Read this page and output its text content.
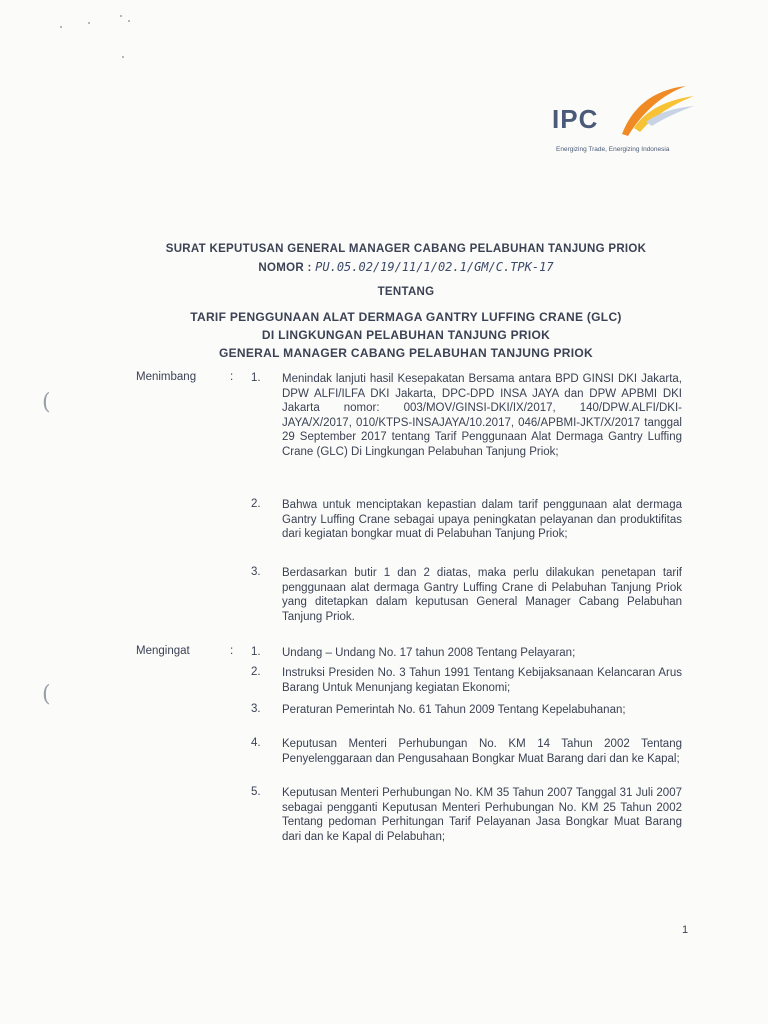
IPC
Energizing Trade, Energizing Indonesia
SURAT KEPUTUSAN GENERAL MANAGER CABANG PELABUHAN TANJUNG PRIOK
NOMOR : PU.05.02/19/11/1/02.1/GM/C.TPK-17
TENTANG
TARIF PENGGUNAAN ALAT DERMAGA GANTRY LUFFING CRANE (GLC)
DI LINGKUNGAN PELABUHAN TANJUNG PRIOK
GENERAL MANAGER CABANG PELABUHAN TANJUNG PRIOK
Menimbang	: 1. Menindak lanjuti hasil Kesepakatan Bersama antara BPD GINSI DKI Jakarta, DPW ALFI/ILFA DKI Jakarta, DPC-DPD INSA JAYA dan DPW APBMI DKI Jakarta nomor: 003/MOV/GINSI-DKI/IX/2017, 140/DPW.ALFI/DKI-JAYA/X/2017, 010/KTPS-INSAJAYA/10.2017, 046/APBMI-JKT/X/2017 tanggal 29 September 2017 tentang Tarif Penggunaan Alat Dermaga Gantry Luffing Crane (GLC) Di Lingkungan Pelabuhan Tanjung Priok;
2. Bahwa untuk menciptakan kepastian dalam tarif penggunaan alat dermaga Gantry Luffing Crane sebagai upaya peningkatan pelayanan dan produktifitas dari kegiatan bongkar muat di Pelabuhan Tanjung Priok;
3. Berdasarkan butir 1 dan 2 diatas, maka perlu dilakukan penetapan tarif penggunaan alat dermaga Gantry Luffing Crane di Pelabuhan Tanjung Priok yang ditetapkan dalam keputusan General Manager Cabang Pelabuhan Tanjung Priok.
Mengingat	: 1. Undang – Undang No. 17 tahun 2008 Tentang Pelayaran;
2. Instruksi Presiden No. 3 Tahun 1991 Tentang Kebijaksanaan Kelancaran Arus Barang Untuk Menunjang kegiatan Ekonomi;
3. Peraturan Pemerintah No. 61 Tahun 2009 Tentang Kepelabuhanan;
4. Keputusan Menteri Perhubungan No. KM 14 Tahun 2002 Tentang Penyelenggaraan dan Pengusahaan Bongkar Muat Barang dari dan ke Kapal;
5. Keputusan Menteri Perhubungan No. KM 35 Tahun 2007 Tanggal 31 Juli 2007 sebagai pengganti Keputusan Menteri Perhubungan No. KM 25 Tahun 2002 Tentang pedoman Perhitungan Tarif Pelayanan Jasa Bongkar Muat Barang dari dan ke Kapal di Pelabuhan;
(
(
1
